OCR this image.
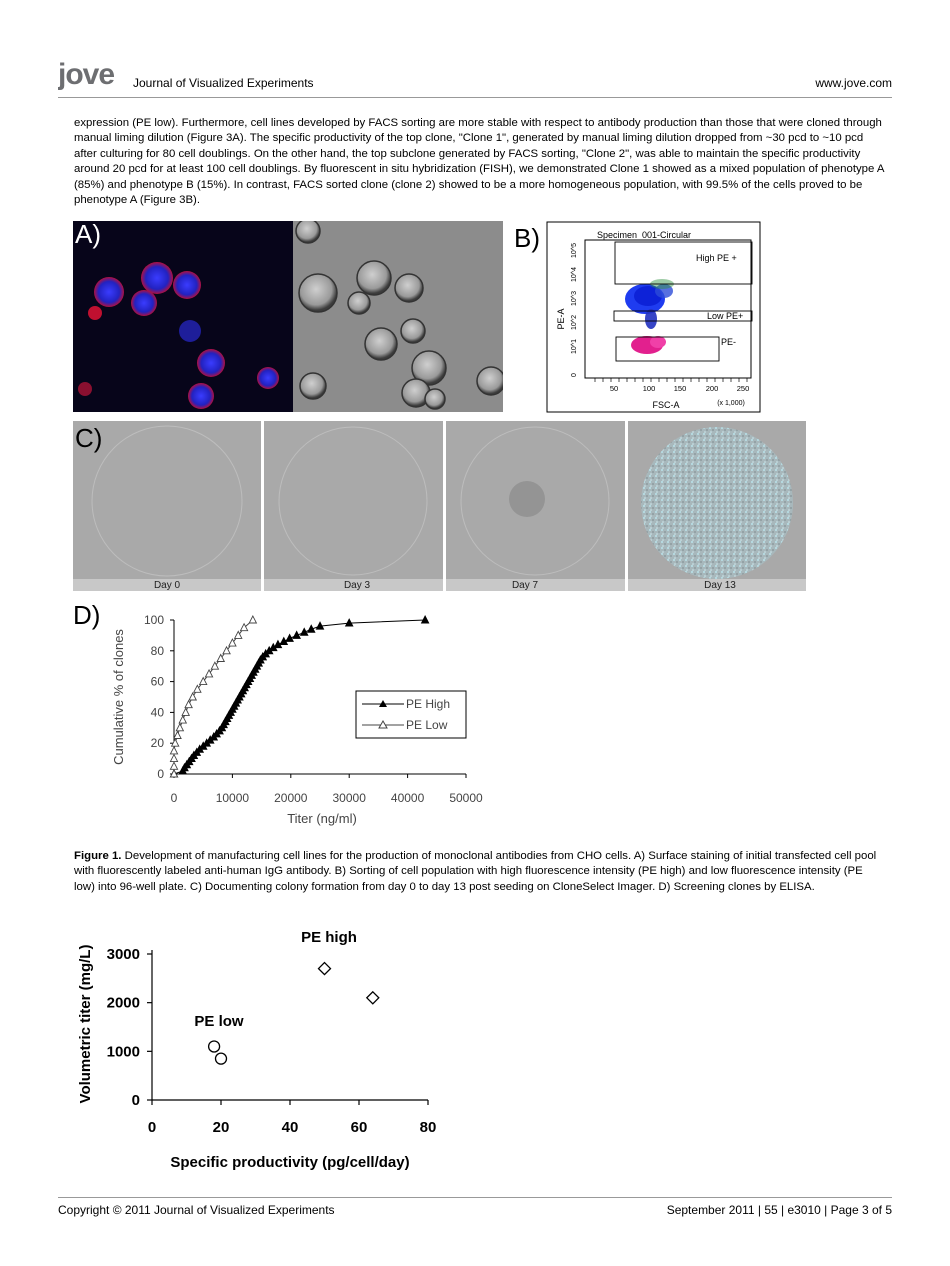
jove Journal of Visualized Experiments	www.jove.com
expression (PE low). Furthermore, cell lines developed by FACS sorting are more stable with respect to antibody production than those that were cloned through manual liming dilution (Figure 3A). The specific productivity of the top clone, "Clone 1", generated by manual liming dilution dropped from ~30 pcd to ~10 pcd after culturing for 80 cell doublings. On the other hand, the top subclone generated by FACS sorting, "Clone 2", was able to maintain the specific productivity around 20 pcd for at least 100 cell doublings. By fluorescent in situ hybridization (FISH), we demonstrated Clone 1 showed as a mixed population of phenotype A (85%) and phenotype B (15%). In contrast, FACS sorted clone (clone 2) showed to be a more homogeneous population, with 99.5% of the cells proved to be phenotype A (Figure 3B).
A)	B)	Specimen_001-Circular
High PE +
Low PE+
PE-
50	100 150	200 250
(x 1,000)
FSC-A
0
10^1
10^2
10^3
10^4
10^5
PE-A
C)
Day 0	Day 3	Day 7	Day 13
D)
0
20
40
60
80
100
0	10000 20000 30000 40000 50000
Cumulative % of clones
Titer (ng/ml)
PE High
PE Low
Figure 1. Development of manufacturing cell lines for the production of monoclonal antibodies from CHO cells. A) Surface staining of initial transfected cell pool with fluorescently labeled anti-human IgG antibody. B) Sorting of cell population with high fluorescence intensity (PE high) and low fluorescence intensity (PE low) into 96-well plate. C) Documenting colony formation from day 0 to day 13 post seeding on CloneSelect Imager. D) Screening clones by ELISA.
0
1000
2000
3000
0	20	40	60	80
PE high
PE low
Volumetric titer (mg/L)
Specific productivity (pg/cell/day)
Copyright © 2011 Journal of Visualized Experiments	September 2011 | 55 | e3010 | Page 3 of 5
